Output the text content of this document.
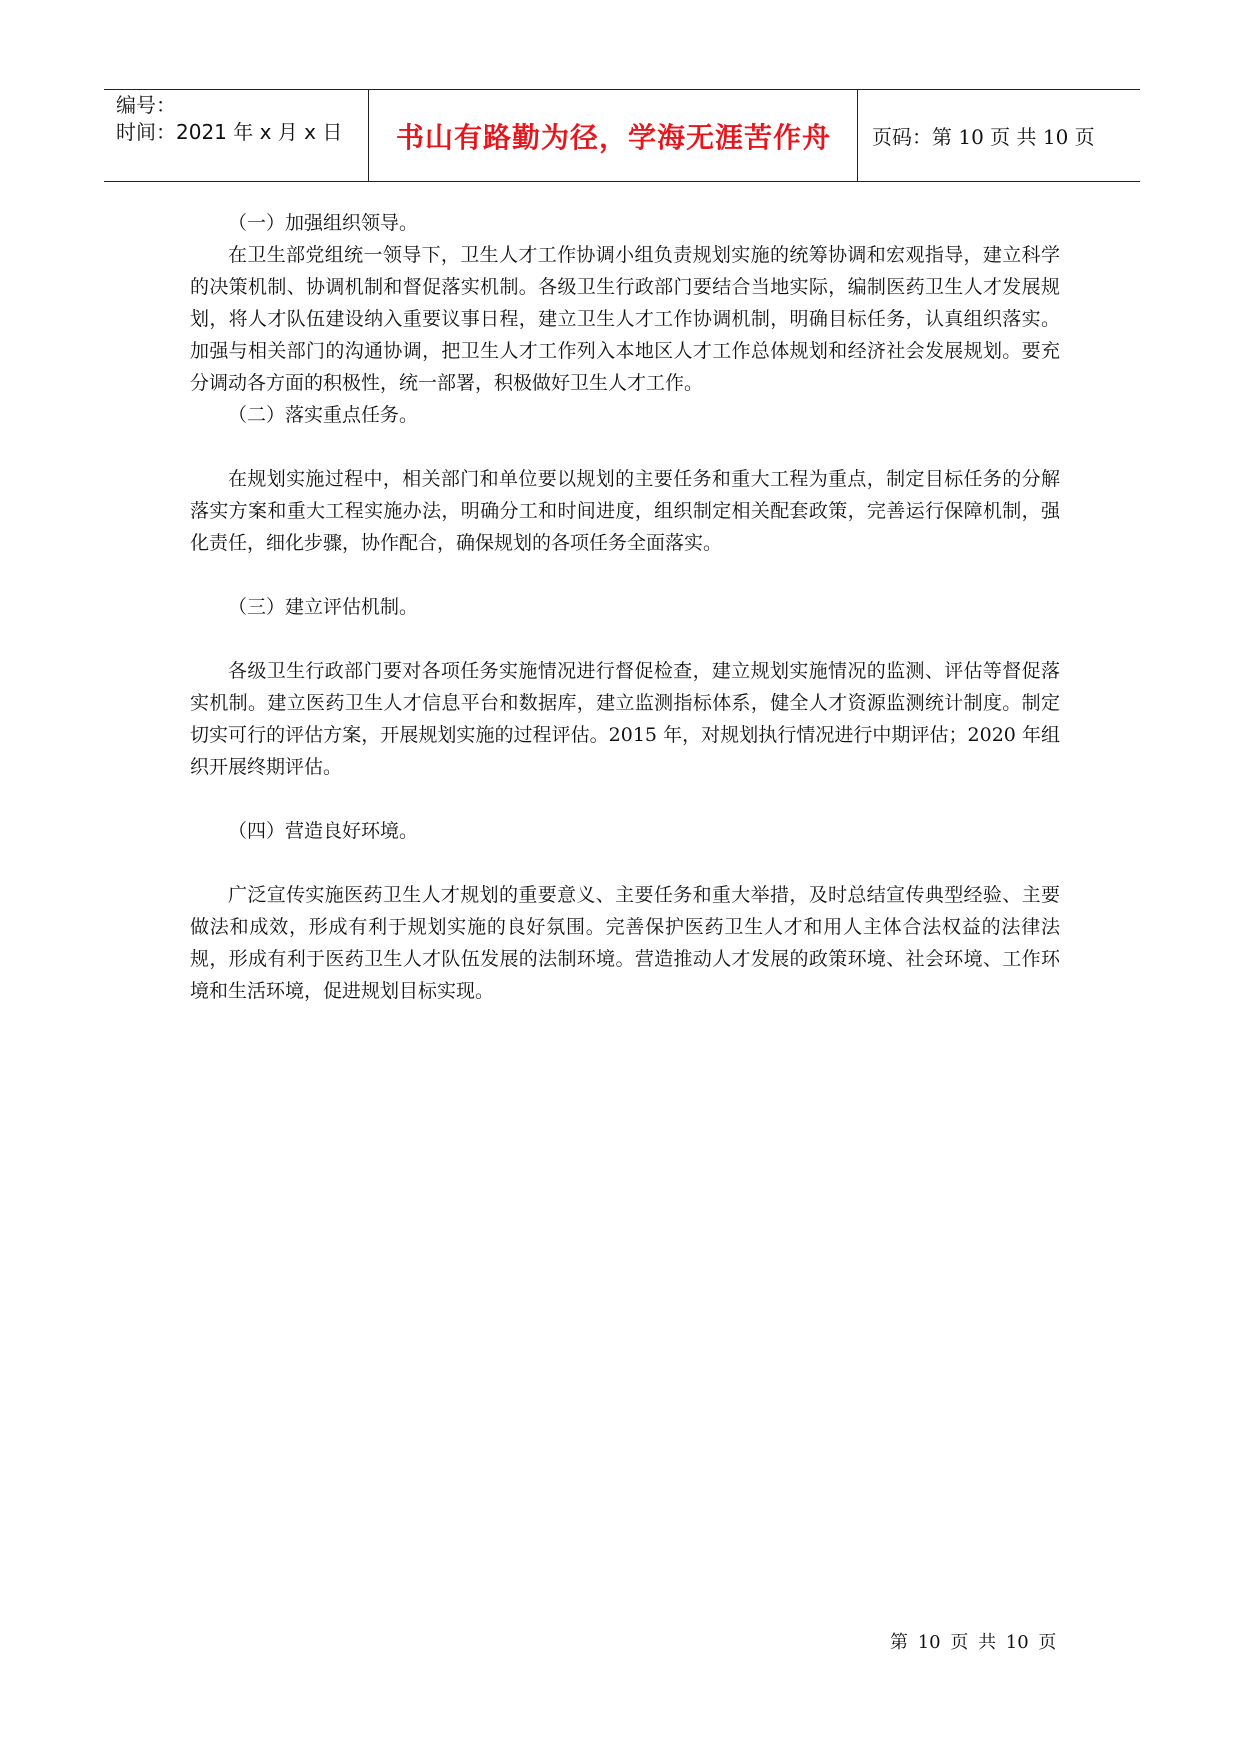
编号：
时间：2021 年 x 月 x 日	书山有路勤为径，学海无涯苦作舟	页码：第 10 页 共 10 页

（一）加强组织领导。

在卫生部党组统一领导下，卫生人才工作协调小组负责规划实施的统筹协调和宏观指导，建立科学的决策机制、协调机制和督促落实机制。各级卫生行政部门要结合当地实际，编制医药卫生人才发展规划，将人才队伍建设纳入重要议事日程，建立卫生人才工作协调机制，明确目标任务，认真组织落实。加强与相关部门的沟通协调，把卫生人才工作列入本地区人才工作总体规划和经济社会发展规划。要充分调动各方面的积极性，统一部署，积极做好卫生人才工作。

（二）落实重点任务。

在规划实施过程中，相关部门和单位要以规划的主要任务和重大工程为重点，制定目标任务的分解落实方案和重大工程实施办法，明确分工和时间进度，组织制定相关配套政策，完善运行保障机制，强化责任，细化步骤，协作配合，确保规划的各项任务全面落实。

（三）建立评估机制。

各级卫生行政部门要对各项任务实施情况进行督促检查，建立规划实施情况的监测、评估等督促落实机制。建立医药卫生人才信息平台和数据库，建立监测指标体系，健全人才资源监测统计制度。制定切实可行的评估方案，开展规划实施的过程评估。2015 年，对规划执行情况进行中期评估；2020 年组织开展终期评估。

（四）营造良好环境。

广泛宣传实施医药卫生人才规划的重要意义、主要任务和重大举措，及时总结宣传典型经验、主要做法和成效，形成有利于规划实施的良好氛围。完善保护医药卫生人才和用人主体合法权益的法律法规，形成有利于医药卫生人才队伍发展的法制环境。营造推动人才发展的政策环境、社会环境、工作环境和生活环境，促进规划目标实现。

第 10 页 共 10 页
